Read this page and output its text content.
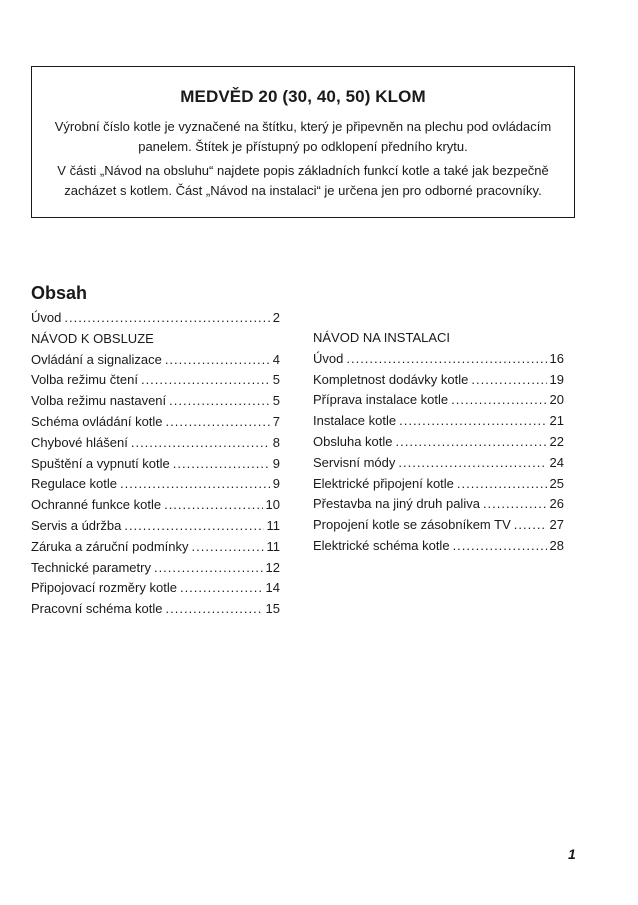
MEDVĚD 20 (30, 40, 50) KLOM
Výrobní číslo kotle je vyznačené na štítku, který je připevněn na plechu pod ovládacím panelem. Štítek je přístupný po odklopení předního krytu.
V části „Návod na obsluhu“ najdete popis základních funkcí kotle a také jak bezpečně zacházet s kotlem. Část „Návod na instalaci“ je určena jen pro odborné pracovníky.
Obsah
Úvod .....	2
NÁVOD K OBSLUZE
Ovládání a signalizace .....	4
Volba režimu čtení .....	5
Volba režimu nastavení .....	5
Schéma ovládání kotle .....	7
Chybové hlášení .....	8
Spuštění a vypnutí kotle .....	9
Regulace kotle .....	9
Ochranné funkce kotle .....	10
Servis a údržba .....	11
Záruka a záruční podmínky .....	11
Technické parametry .....	12
Připojovací rozměry kotle .....	14
Pracovní schéma kotle .....	15
NÁVOD NA INSTALACI
Úvod .....	16
Kompletnost dodávky kotle .....	19
Příprava instalace kotle .....	20
Instalace kotle .....	21
Obsluha kotle .....	22
Servisní módy .....	24
Elektrické připojení kotle .....	25
Přestavba na jiný druh paliva .....	26
Propojení kotle se zásobníkem TV .....	27
Elektrické schéma kotle .....	28
1
